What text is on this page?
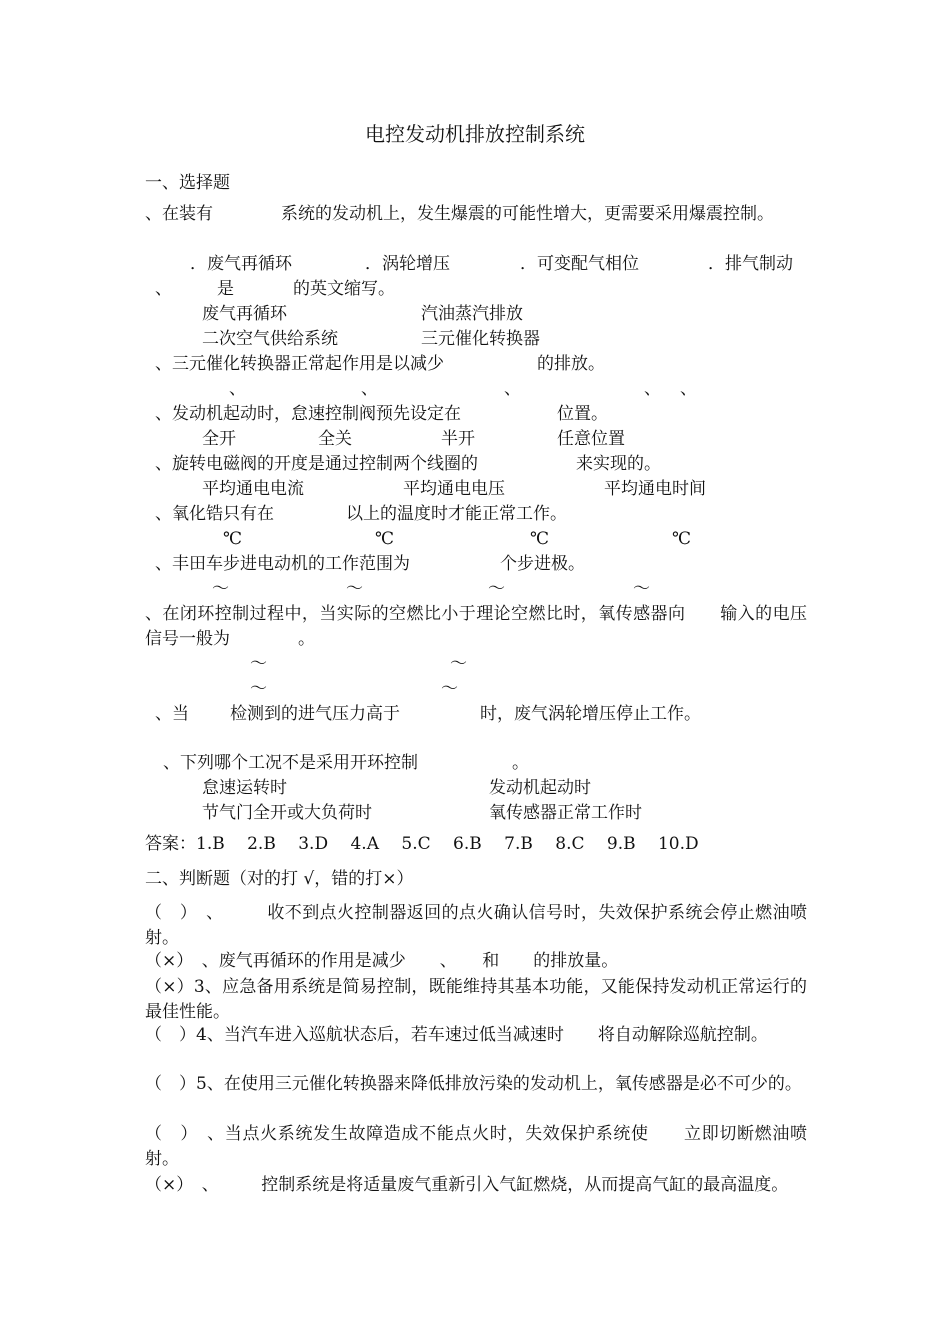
电控发动机排放控制系统
一、选择题
、在装有　　　　系统的发动机上，发生爆震的可能性增大，更需要采用爆震控制。
．废气再循环	．涡轮增压	．可变配气相位	．排气制动
、	是	的英文缩写。
废气再循环	汽油蒸汽排放
二次空气供给系统	三元催化转换器
、三元催化转换器正常起作用是以减少	的排放。
、	、	、	、 、
、发动机起动时，怠速控制阀预先设定在	位置。
全开	全关	半开	任意位置
、旋转电磁阀的开度是通过控制两个线圈的	来实现的。
平均通电电流	平均通电电压	平均通电时间
、氧化锆只有在	以上的温度时才能正常工作。
℃	℃	℃	℃
、丰田车步进电动机的工作范围为	个步进极。
～	～	～	～
、在闭环控制过程中，当实际的空燃比小于理论空燃比时，氧传感器向　　输入的电压信号一般为　　　　。
～	～
～	～
、当 检测到的进气压力高于	时，废气涡轮增压停止工作。
、下列哪个工况不是采用开环控制	。
怠速运转时	发动机起动时
节气门全开或大负荷时	氧传感器正常工作时
答案：1.B　 2.B　 3.D　 4.A　 5.C　 6.B　 7.B　 8.C　 9.B　 10.D
二、判断题（对的打 √，错的打×）
（　）　、　　　收不到点火控制器返回的点火确认信号时，失效保护系统会停止燃油喷射。
（×）　、废气再循环的作用是减少　　、　　和　　的排放量。
（×）3、应急备用系统是简易控制，既能维持其基本功能，又能保持发动机正常运行的最佳性能。
（　）4、当汽车进入巡航状态后，若车速过低当减速时　　将自动解除巡航控制。
（　）5、在使用三元催化转换器来降低排放污染的发动机上，氧传感器是必不可少的。
（　）　、当点火系统发生故障造成不能点火时，失效保护系统使　　立即切断燃油喷射。
（×）　、　　　控制系统是将适量废气重新引入气缸燃烧，从而提高气缸的最高温度。
